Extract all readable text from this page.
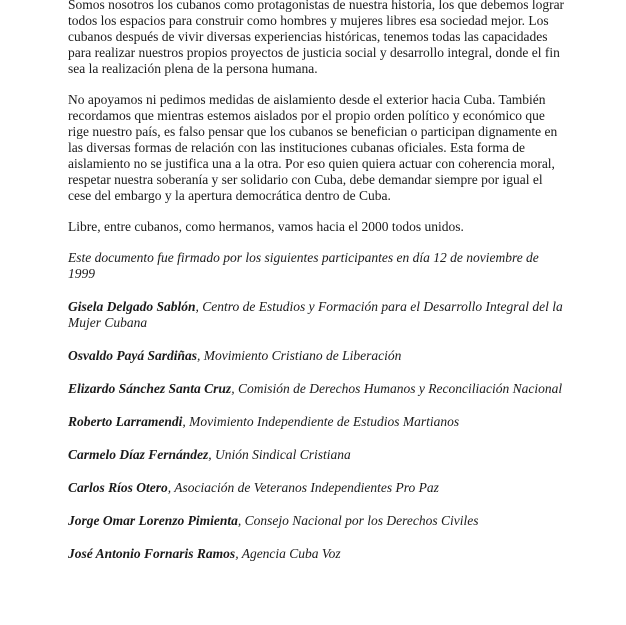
Somos nosotros los cubanos como protagonistas de nuestra historia, los que debemos lograr todos los espacios para construir como hombres y mujeres libres esa sociedad mejor. Los cubanos después de vivir diversas experiencias históricas, tenemos todas las capacidades para realizar nuestros propios proyectos de justicia social y desarrollo integral, donde el fin sea la realización plena de la persona humana.

No apoyamos ni pedimos medidas de aislamiento desde el exterior hacia Cuba. También recordamos que mientras estemos aislados por el propio orden político y económico que rige nuestro país, es falso pensar que los cubanos se benefician o participan dignamente en las diversas formas de relación con las instituciones cubanas oficiales. Esta forma de aislamiento no se justifica una a la otra. Por eso quien quiera actuar con coherencia moral, respetar nuestra soberanía y ser solidario con Cuba, debe demandar siempre por igual el cese del embargo y la apertura democrática dentro de Cuba.

Libre, entre cubanos, como hermanos, vamos hacia el 2000 todos unidos.

Este documento fue firmado por los siguientes participantes en día 12 de noviembre de 1999

Gisela Delgado Sablón, Centro de Estudios y Formación para el Desarrollo Integral del la Mujer Cubana

Osvaldo Payá Sardiñas, Movimiento Cristiano de Liberación

Elizardo Sánchez Santa Cruz, Comisión de Derechos Humanos y Reconciliación Nacional

Roberto Larramendi, Movimiento Independiente de Estudios Martianos

Carmelo Díaz Fernández, Unión Sindical Cristiana

Carlos Ríos Otero, Asociación de Veteranos Independientes Pro Paz

Jorge Omar Lorenzo Pimienta, Consejo Nacional por los Derechos Civiles

José Antonio Fornaris Ramos, Agencia Cuba Voz
